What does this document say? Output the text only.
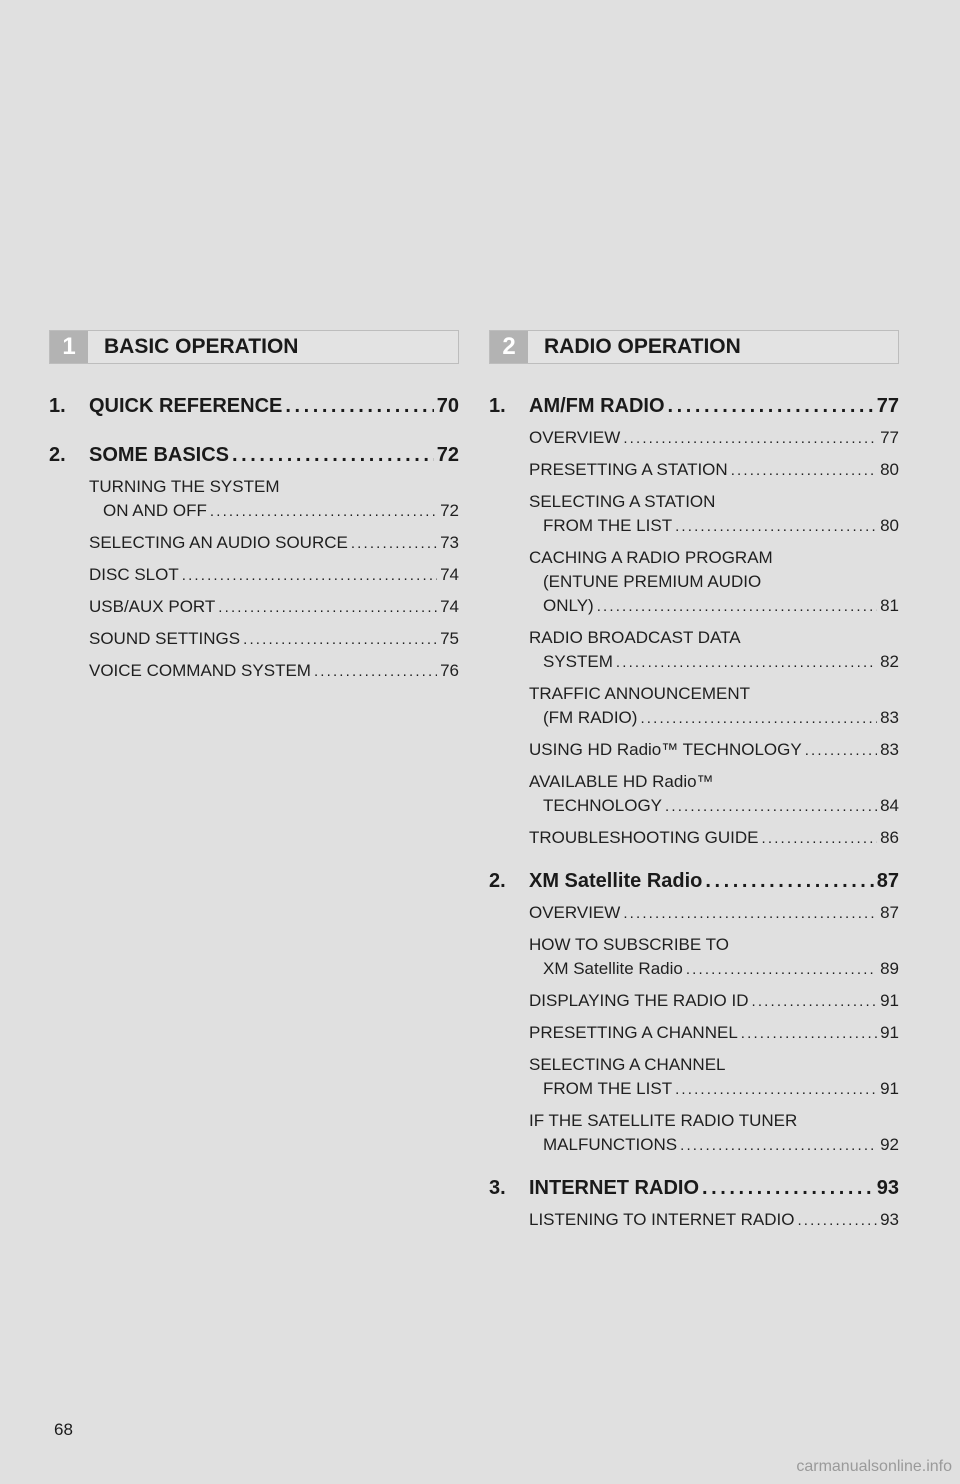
1	BASIC OPERATION
1.	QUICK REFERENCE . . .	70
2.	SOME BASICS . . .	72
TURNING THE SYSTEM
ON AND OFF . . .	72
SELECTING AN AUDIO SOURCE . . .	73
DISC SLOT . . .	74
USB/AUX PORT . . .	74
SOUND SETTINGS . . .	75
VOICE COMMAND SYSTEM . . .	76
2	RADIO OPERATION
1.	AM/FM RADIO . . .	77
OVERVIEW . . .	77
PRESETTING A STATION . . .	80
SELECTING A STATION
FROM THE LIST . . .	80
CACHING A RADIO PROGRAM
(ENTUNE PREMIUM AUDIO
ONLY) . . .	81
RADIO BROADCAST DATA
SYSTEM . . .	82
TRAFFIC ANNOUNCEMENT
(FM RADIO) . . .	83
USING HD Radio™ TECHNOLOGY . . .	83
AVAILABLE HD Radio™
TECHNOLOGY . . .	84
TROUBLESHOOTING GUIDE . . .	86
2.	XM Satellite Radio . . .	87
OVERVIEW . . .	87
HOW TO SUBSCRIBE TO
XM Satellite Radio . . .	89
DISPLAYING THE RADIO ID . . .	91
PRESETTING A CHANNEL . . .	91
SELECTING A CHANNEL
FROM THE LIST . . .	91
IF THE SATELLITE RADIO TUNER
MALFUNCTIONS . . .	92
3.	INTERNET RADIO . . .	93
LISTENING TO INTERNET RADIO . . .	93
68
carmanualsonline.info
